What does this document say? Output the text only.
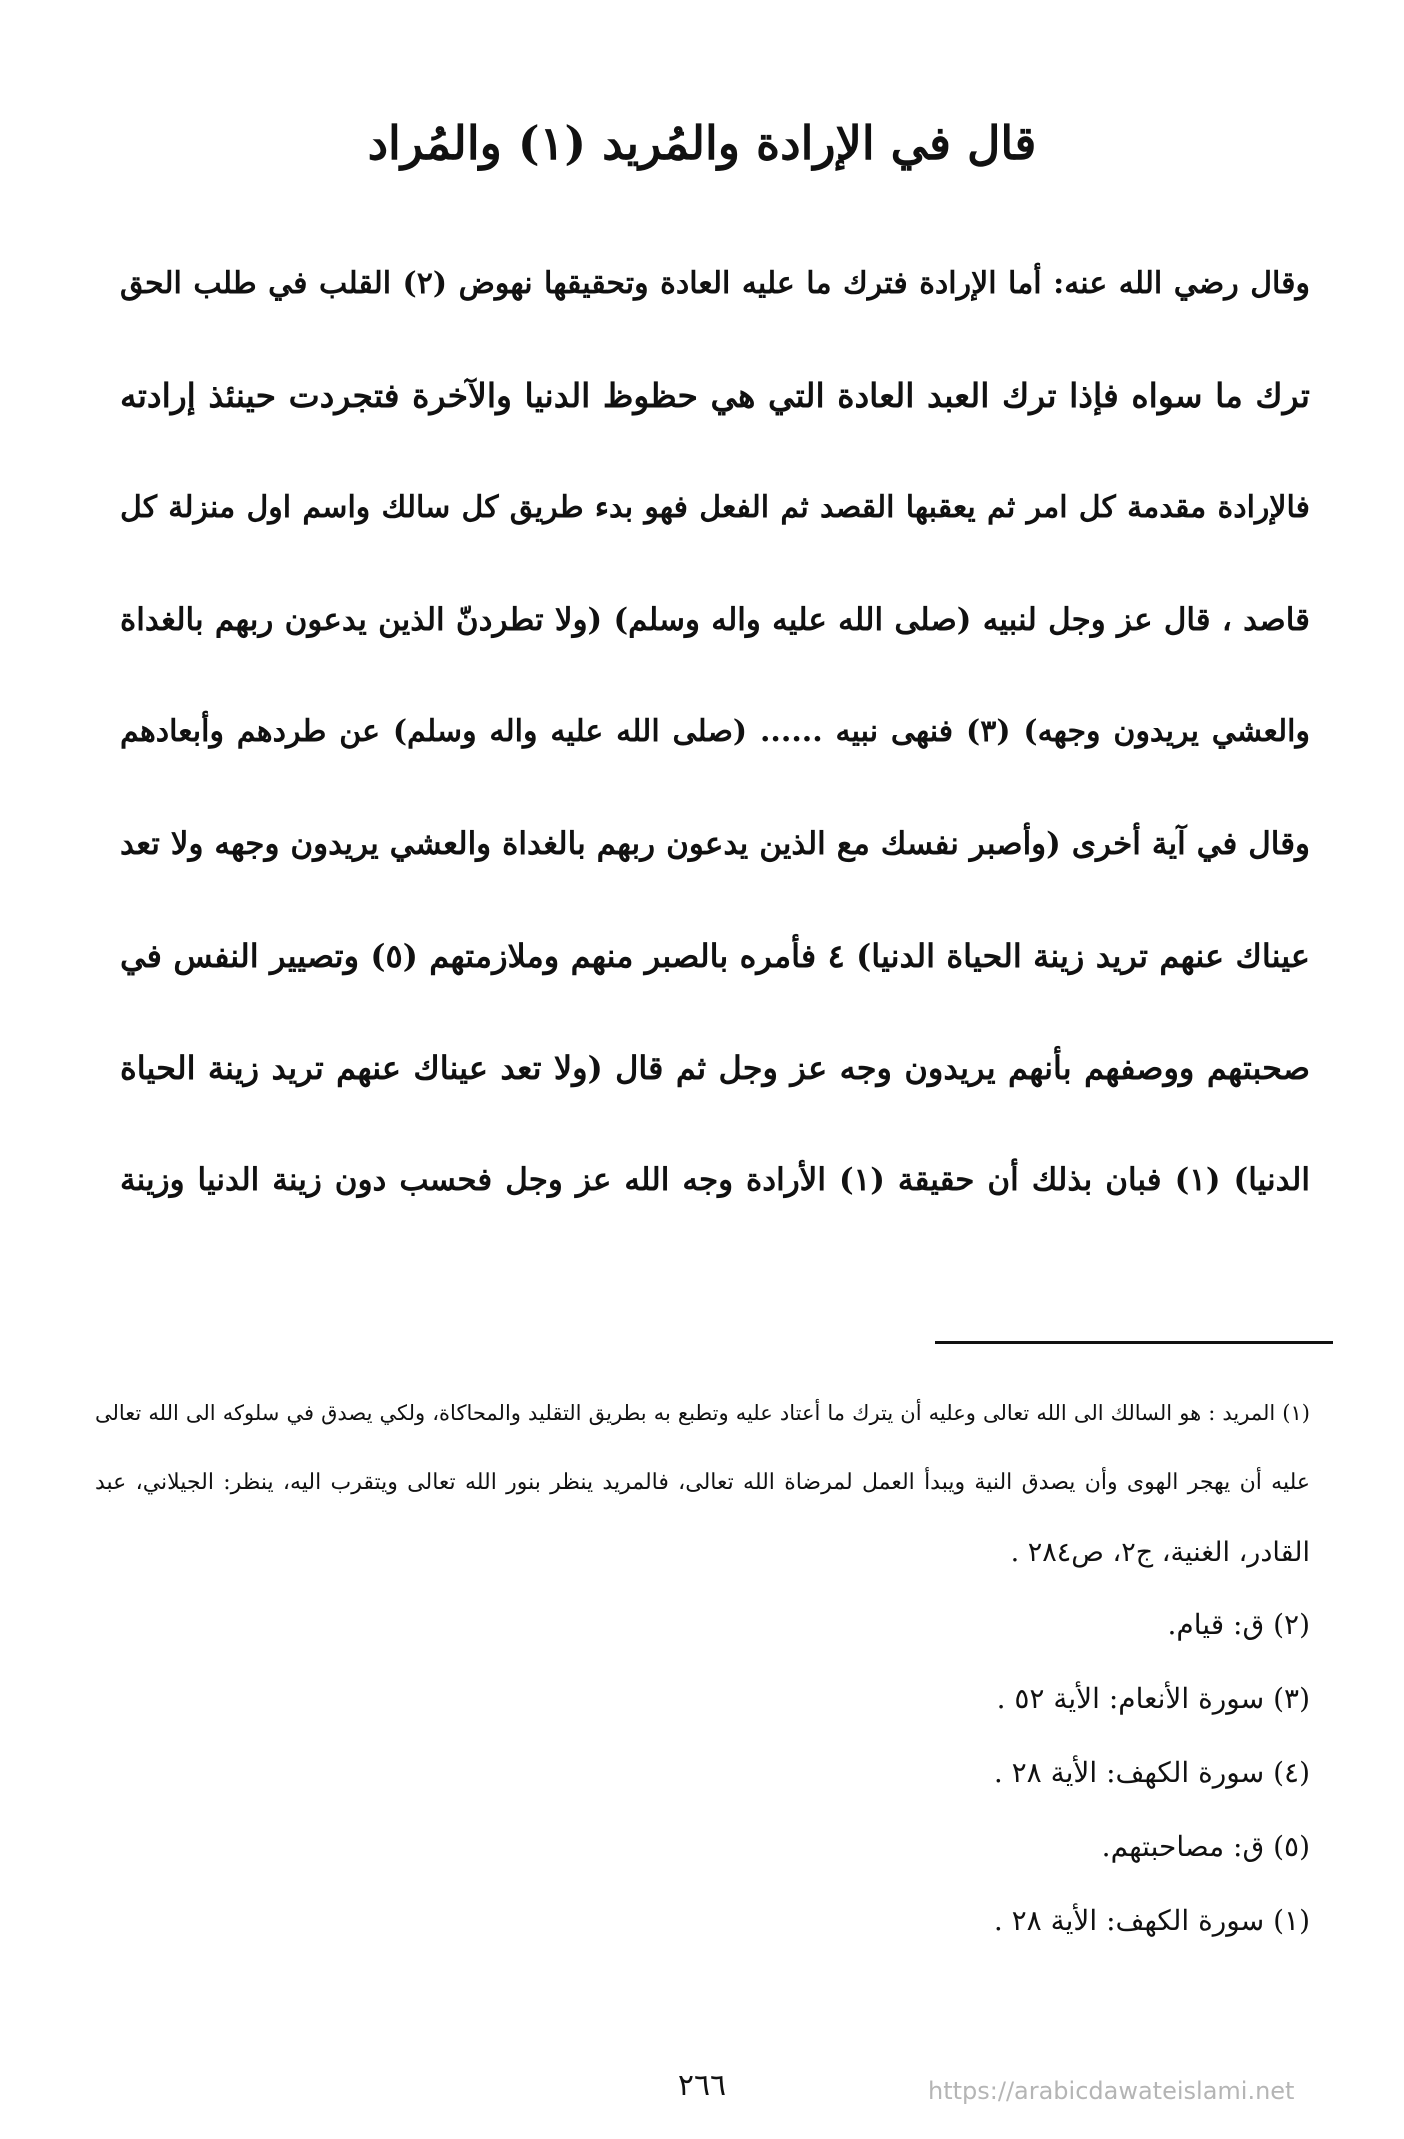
قال في الإرادة والمُريد (١) والمُراد
وقال رضي الله عنه: أما الإرادة فترك ما عليه العادة وتحقيقها نهوض (٢) القلب في طلب الحق
ترك ما سواه فإذا ترك العبد العادة التي هي حظوظ الدنيا والآخرة فتجردت حينئذ إرادته
فالإرادة مقدمة كل امر ثم يعقبها القصد ثم الفعل فهو بدء طريق كل سالك واسم اول منزلة كل
قاصد ، قال عز وجل لنبيه (صلى الله عليه واله وسلم) (ولا تطردنّ الذين يدعون ربهم بالغداة
والعشي يريدون وجهه) (٣) فنهى نبيه ...... (صلى الله عليه واله وسلم) عن طردهم وأبعادهم
وقال في آية أخرى (وأصبر نفسك مع الذين يدعون ربهم بالغداة والعشي يريدون وجهه ولا تعد
عيناك عنهم تريد زينة الحياة الدنيا) ٤ فأمره بالصبر منهم وملازمتهم (٥) وتصيير النفس في
صحبتهم ووصفهم بأنهم يريدون وجه عز وجل ثم قال (ولا تعد عيناك عنهم تريد زينة الحياة
الدنيا) (١) فبان بذلك أن حقيقة (١) الأرادة وجه الله عز وجل فحسب دون زينة الدنيا وزينة
(١) المريد : هو السالك الى الله تعالى وعليه أن يترك ما أعتاد عليه وتطبع به بطريق التقليد والمحاكاة، ولكي يصدق في سلوكه الى الله تعالى
عليه أن يهجر الهوى وأن يصدق النية ويبدأ العمل لمرضاة الله تعالى، فالمريد ينظر بنور الله تعالى ويتقرب اليه، ينظر: الجيلاني، عبد
القادر، الغنية، ج٢، ص٢٨٤ .
(٢) ق: قيام.
(٣) سورة الأنعام: الأية ٥٢ .
(٤) سورة الكهف: الأية ٢٨ .
(٥) ق: مصاحبتهم.
(١) سورة الكهف: الأية ٢٨ .
٢٦٦	https://arabicdawateislami.net
